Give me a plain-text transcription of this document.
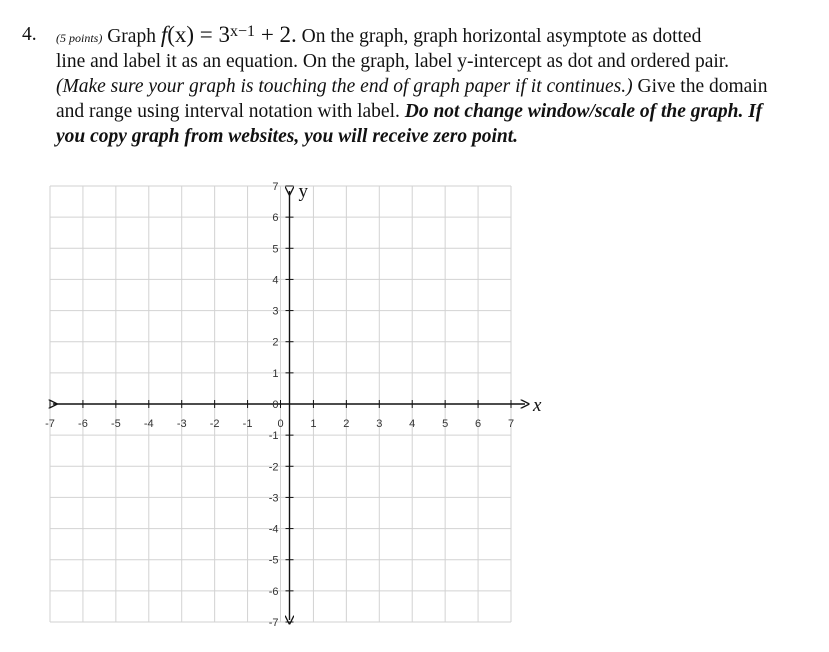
4. (5 points) Graph $f(x) = 3^{x-1} + 2$. On the graph, graph horizontal asymptote as dotted
line and label it as an equation. On the graph, label y-intercept as dot and ordered pair.
(Make sure your graph is touching the end of graph paper if it continues.) Give the domain
and range using interval notation with label. Do not change window/scale of the graph. If
you copy graph from websites, you will receive zero point.
-7 -6 -5 -4 -3 -2 -1 0 1 2 3 4 5 6 7
7
6
5
4
3
2
1
0
-1
-2
-3
-4
-5
-6
-7
x
y
